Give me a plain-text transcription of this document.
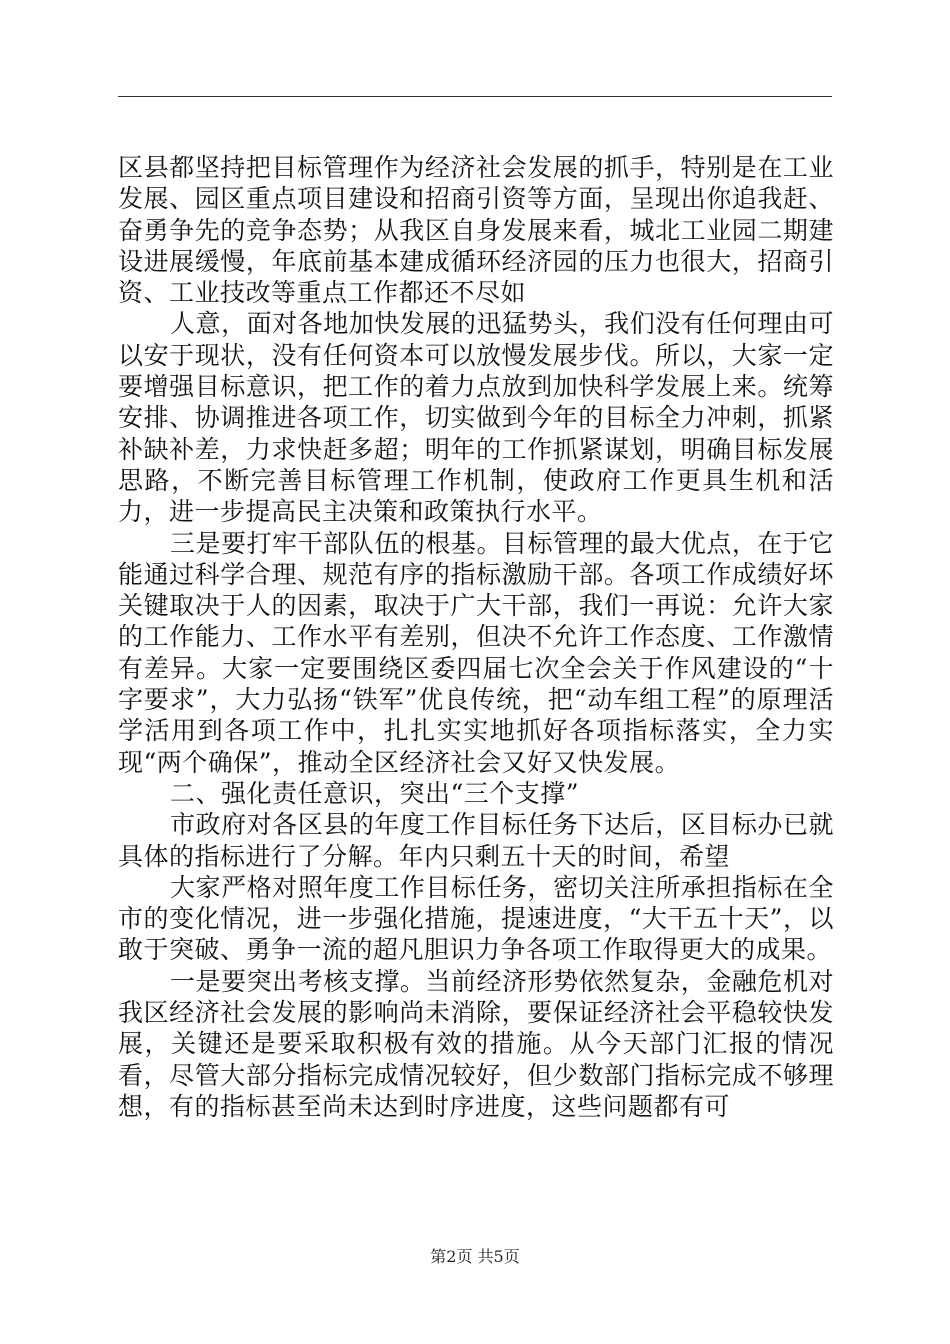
区县都坚持把目标管理作为经济社会发展的抓手，特别是在工业发展、园区重点项目建设和招商引资等方面，呈现出你追我赶、奋勇争先的竞争态势；从我区自身发展来看，城北工业园二期建设进展缓慢，年底前基本建成循环经济园的压力也很大，招商引资、工业技改等重点工作都还不尽如

人意，面对各地加快发展的迅猛势头，我们没有任何理由可以安于现状，没有任何资本可以放慢发展步伐。所以，大家一定要增强目标意识，把工作的着力点放到加快科学发展上来。统筹安排、协调推进各项工作，切实做到今年的目标全力冲刺，抓紧补缺补差，力求快赶多超；明年的工作抓紧谋划，明确目标发展思路，不断完善目标管理工作机制，使政府工作更具生机和活力，进一步提高民主决策和政策执行水平。

三是要打牢干部队伍的根基。目标管理的最大优点，在于它能通过科学合理、规范有序的指标激励干部。各项工作成绩好坏关键取决于人的因素，取决于广大干部，我们一再说：允许大家的工作能力、工作水平有差别，但决不允许工作态度、工作激情有差异。大家一定要围绕区委四届七次全会关于作风建设的“十字要求”，大力弘扬“铁军”优良传统，把“动车组工程”的原理活学活用到各项工作中，扎扎实实地抓好各项指标落实，全力实现“两个确保”，推动全区经济社会又好又快发展。

二、强化责任意识，突出“三个支撑”

市政府对各区县的年度工作目标任务下达后，区目标办已就具体的指标进行了分解。年内只剩五十天的时间，希望

大家严格对照年度工作目标任务，密切关注所承担指标在全市的变化情况，进一步强化措施，提速进度，“大干五十天”，以敢于突破、勇争一流的超凡胆识力争各项工作取得更大的成果。

一是要突出考核支撑。当前经济形势依然复杂，金融危机对我区经济社会发展的影响尚未消除，要保证经济社会平稳较快发展，关键还是要采取积极有效的措施。从今天部门汇报的情况看，尽管大部分指标完成情况较好，但少数部门指标完成不够理想，有的指标甚至尚未达到时序进度，这些问题都有可

第2页 共5页
